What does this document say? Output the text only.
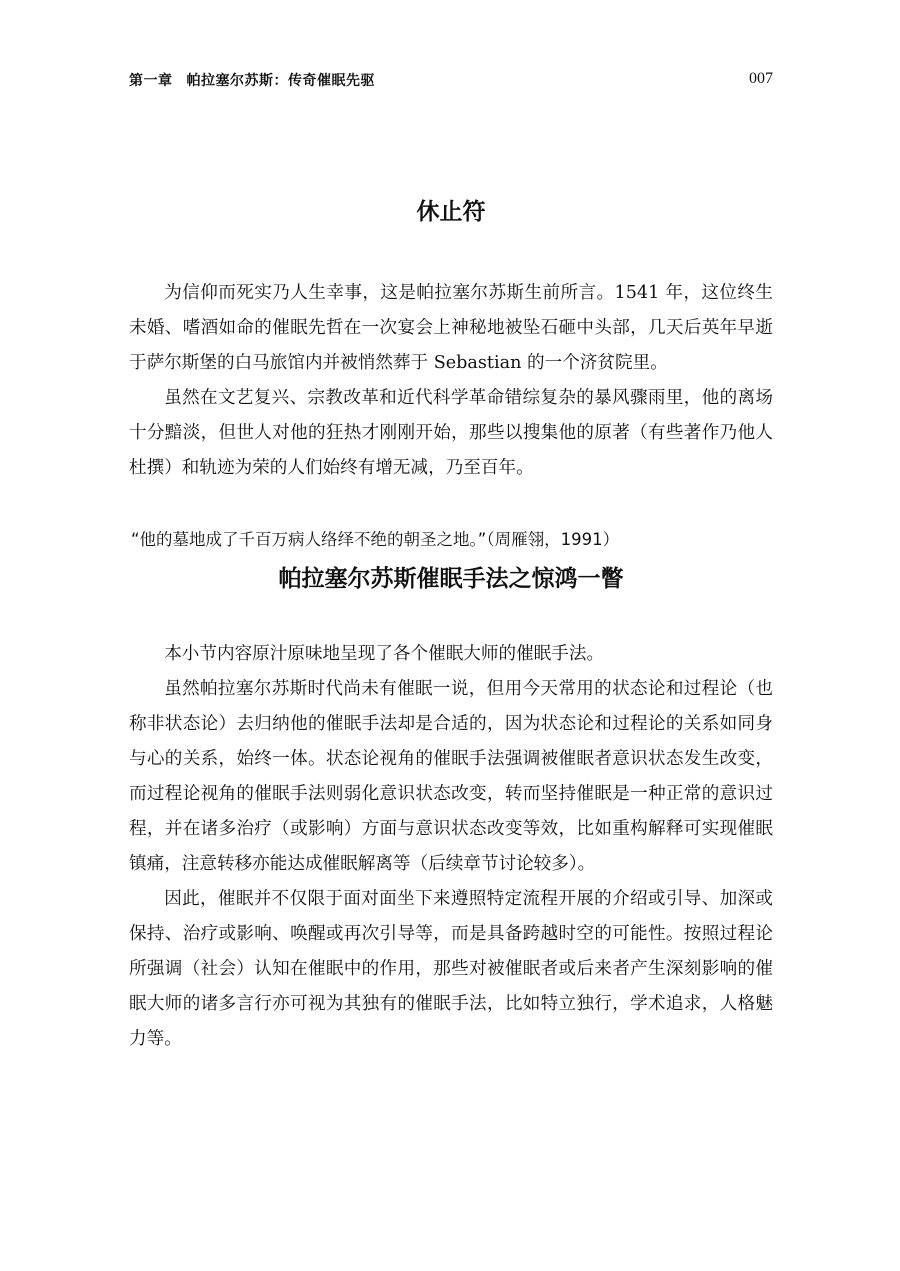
第一章 帕拉塞尔苏斯：传奇催眠先驱	007
休止符

为信仰而死实乃人生幸事，这是帕拉塞尔苏斯生前所言。1541 年，这位终生未婚、嗜酒如命的催眠先哲在一次宴会上神秘地被坠石砸中头部，几天后英年早逝于萨尔斯堡的白马旅馆内并被悄然葬于 Sebastian 的一个济贫院里。

虽然在文艺复兴、宗教改革和近代科学革命错综复杂的暴风骤雨里，他的离场十分黯淡，但世人对他的狂热才刚刚开始，那些以搜集他的原著（有些著作乃他人杜撰）和轨迹为荣的人们始终有增无减，乃至百年。

“他的墓地成了千百万病人络绎不绝的朝圣之地。”（周雁翎，1991）
帕拉塞尔苏斯催眠手法之惊鸿一瞥

本小节内容原汁原味地呈现了各个催眠大师的催眠手法。

虽然帕拉塞尔苏斯时代尚未有催眠一说，但用今天常用的状态论和过程论（也称非状态论）去归纳他的催眠手法却是合适的，因为状态论和过程论的关系如同身与心的关系，始终一体。状态论视角的催眠手法强调被催眠者意识状态发生改变，而过程论视角的催眠手法则弱化意识状态改变，转而坚持催眠是一种正常的意识过程，并在诸多治疗（或影响）方面与意识状态改变等效，比如重构解释可实现催眠镇痛，注意转移亦能达成催眠解离等（后续章节讨论较多）。

因此，催眠并不仅限于面对面坐下来遵照特定流程开展的介绍或引导、加深或保持、治疗或影响、唤醒或再次引导等，而是具备跨越时空的可能性。按照过程论所强调（社会）认知在催眠中的作用，那些对被催眠者或后来者产生深刻影响的催眠大师的诸多言行亦可视为其独有的催眠手法，比如特立独行，学术追求，人格魅力等。
